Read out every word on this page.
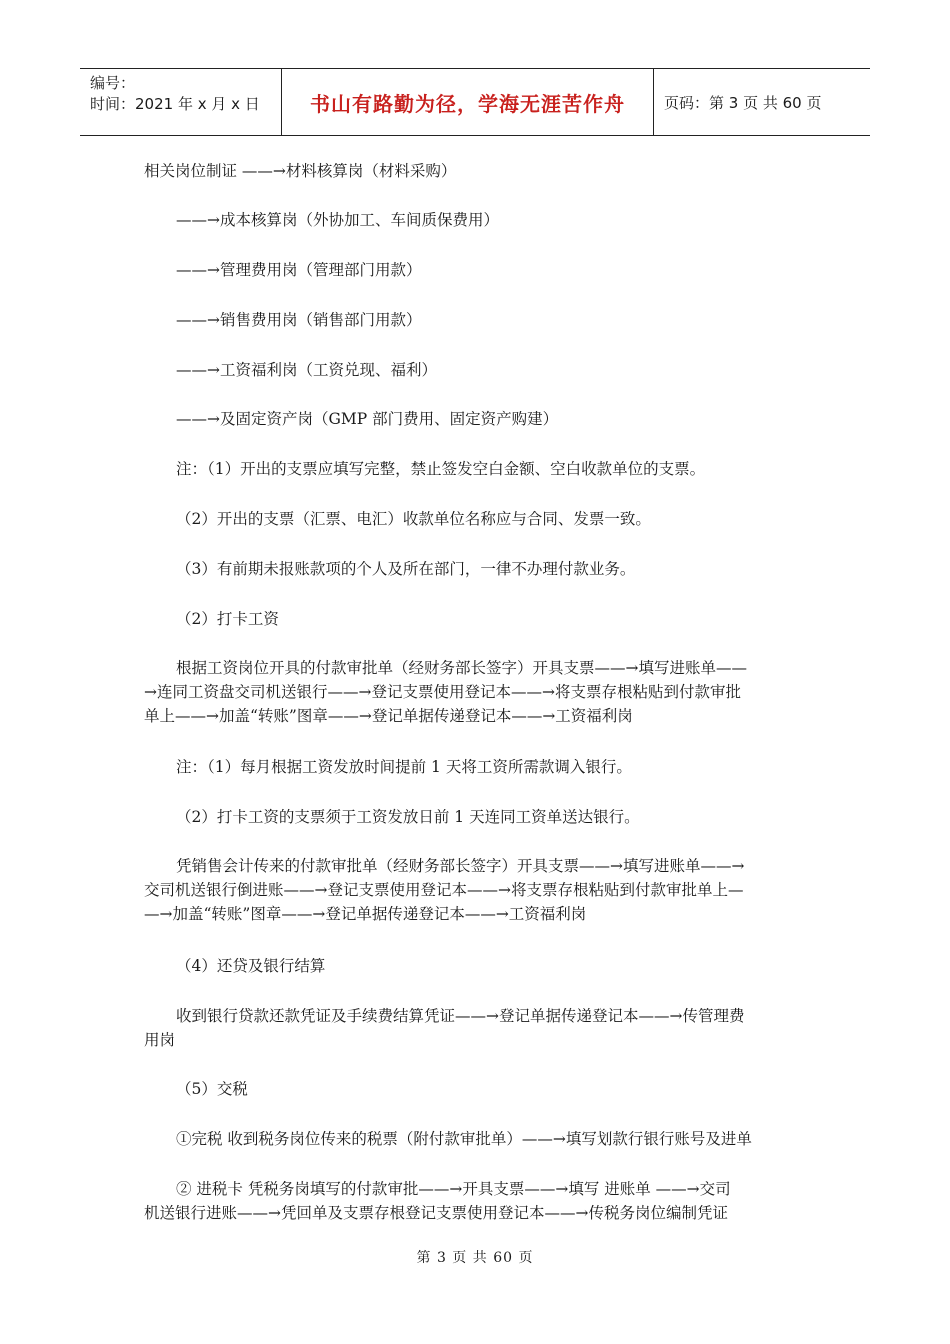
编号：
时间：2021 年 x 月 x 日	书山有路勤为径，学海无涯苦作舟	页码：第 3 页 共 60 页

相关岗位制证 ——→材料核算岗（材料采购）

——→成本核算岗（外协加工、车间质保费用）

——→管理费用岗（管理部门用款）

——→销售费用岗（销售部门用款）

——→工资福利岗（工资兑现、福利）

——→及固定资产岗（GMP 部门费用、固定资产购建）

注：（1）开出的支票应填写完整，禁止签发空白金额、空白收款单位的支票。

（2）开出的支票（汇票、电汇）收款单位名称应与合同、发票一致。

（3）有前期未报账款项的个人及所在部门，一律不办理付款业务。

（2）打卡工资

根据工资岗位开具的付款审批单（经财务部长签字）开具支票——→填写进账单——

→连同工资盘交司机送银行——→登记支票使用登记本——→将支票存根粘贴到付款审批

单上——→加盖“转账”图章——→登记单据传递登记本——→工资福利岗

注：（1）每月根据工资发放时间提前 1 天将工资所需款调入银行。

（2）打卡工资的支票须于工资发放日前 1 天连同工资单送达银行。

凭销售会计传来的付款审批单（经财务部长签字）开具支票——→填写进账单——→

交司机送银行倒进账——→登记支票使用登记本——→将支票存根粘贴到付款审批单上—

—→加盖“转账”图章——→登记单据传递登记本——→工资福利岗

（4）还贷及银行结算

收到银行贷款还款凭证及手续费结算凭证——→登记单据传递登记本——→传管理费

用岗

（5）交税

①完税 收到税务岗位传来的税票（附付款审批单）——→填写划款行银行账号及进单

② 进税卡 凭税务岗填写的付款审批——→开具支票——→填写 进账单 ——→交司

机送银行进账——→凭回单及支票存根登记支票使用登记本——→传税务岗位编制凭证

第 3 页 共 60 页
